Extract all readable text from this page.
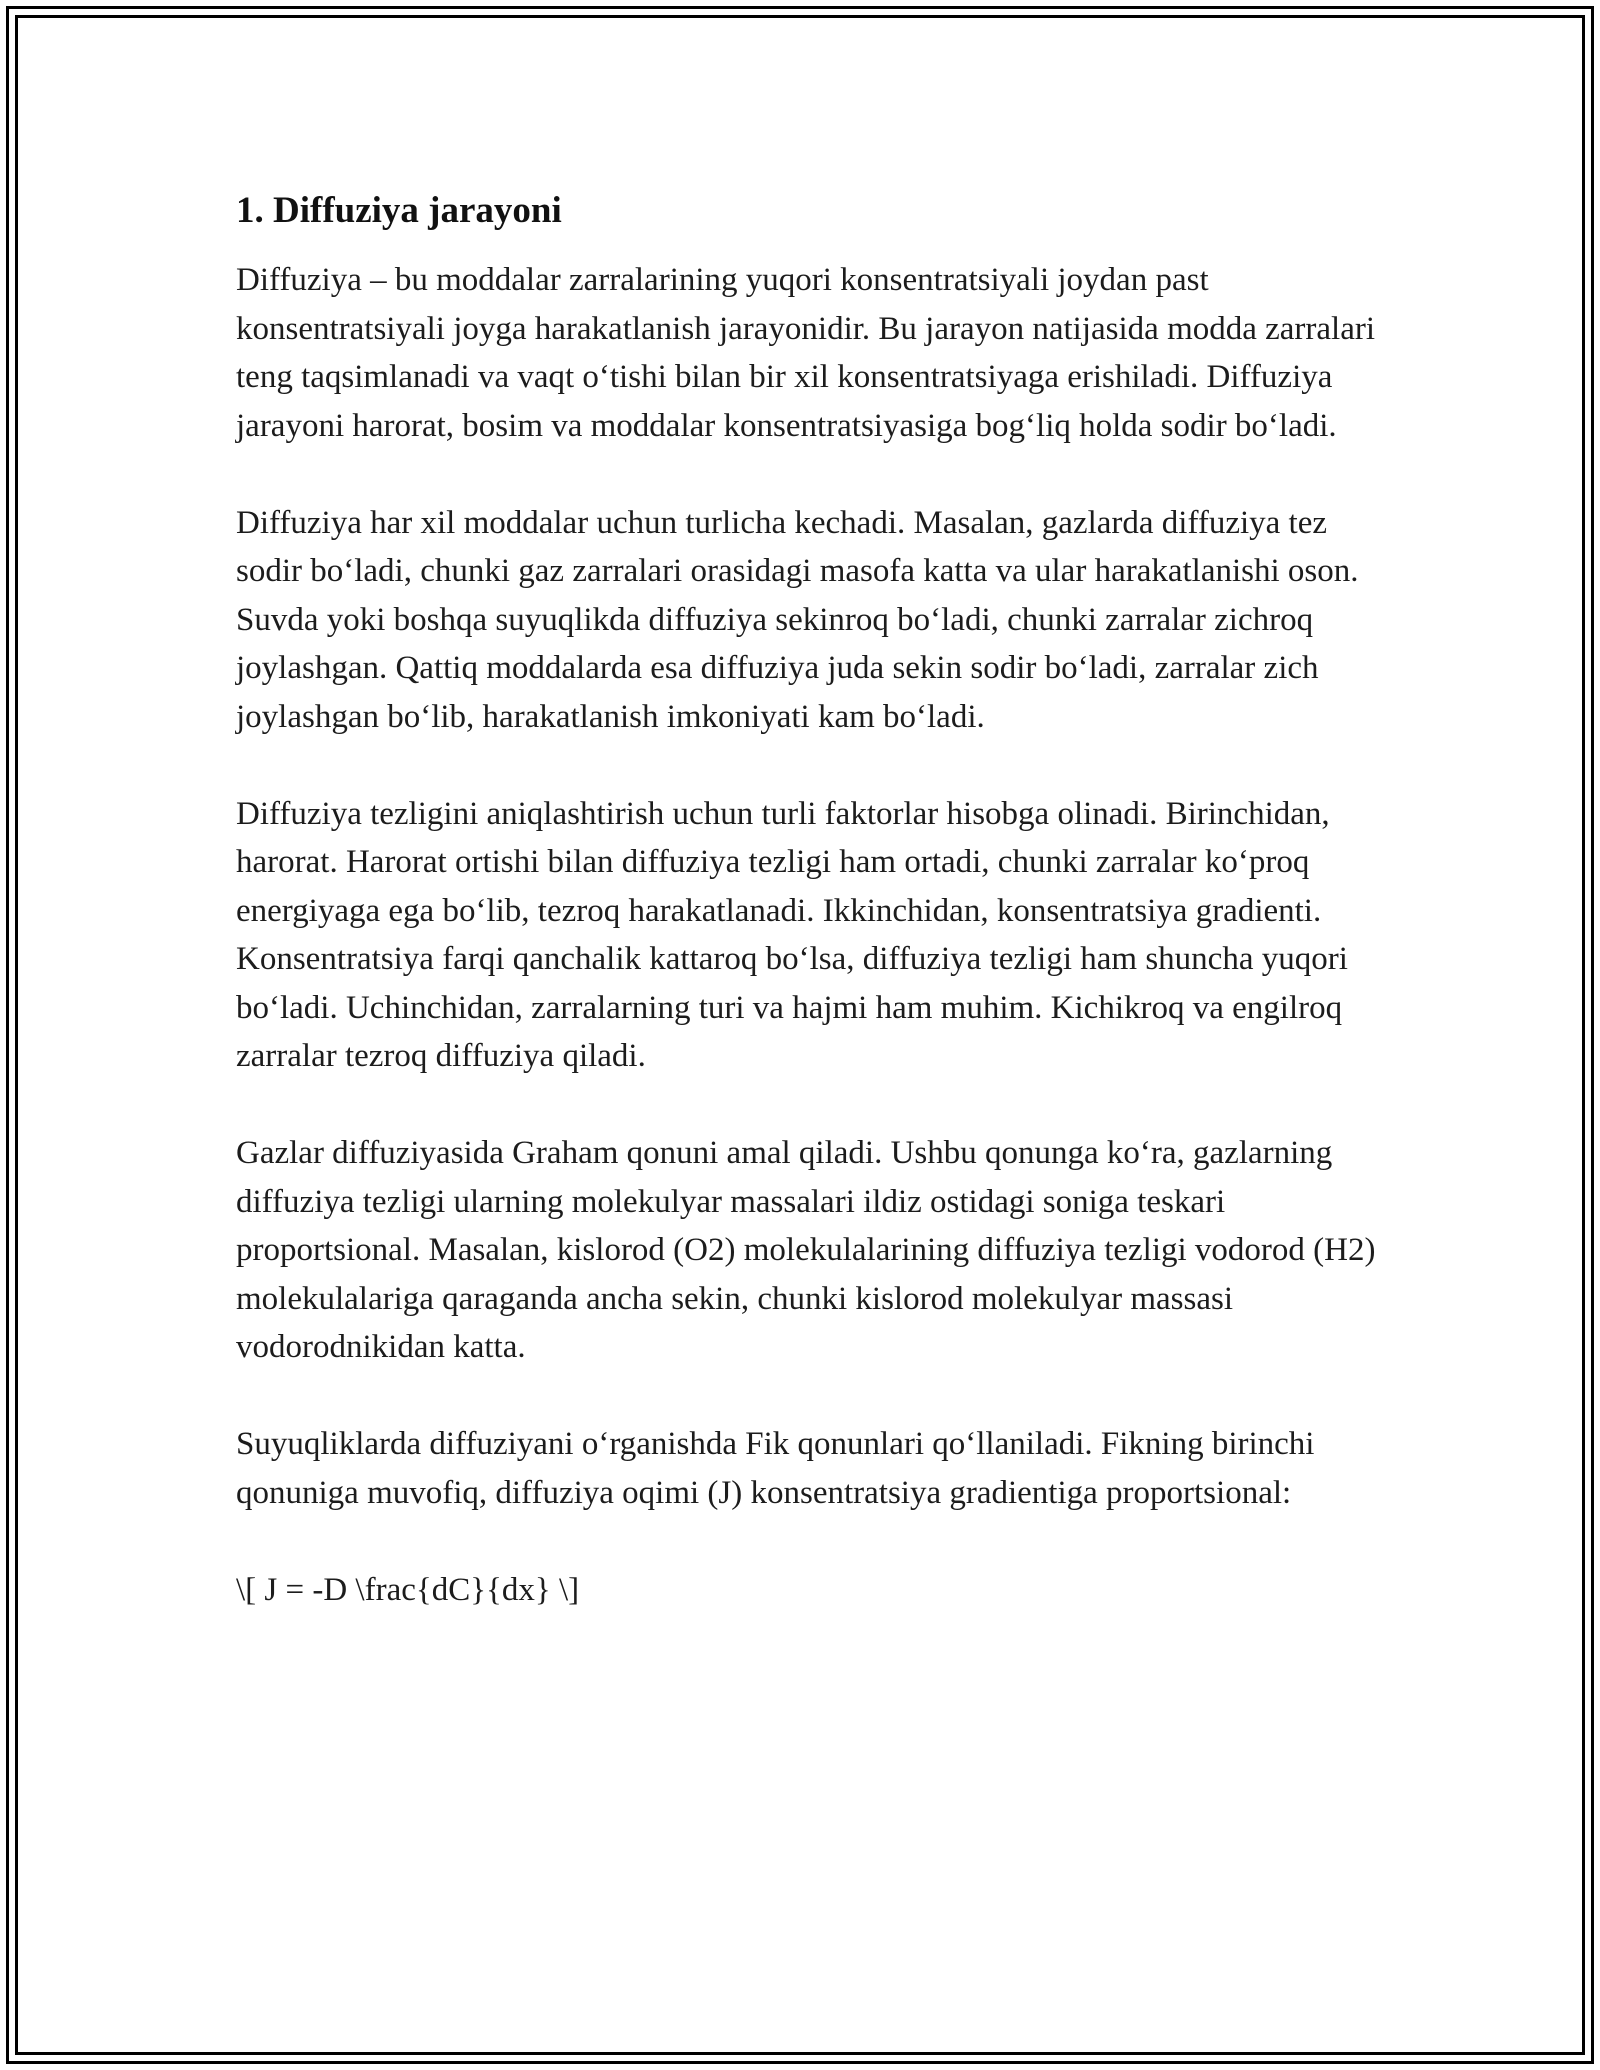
1. Diffuziya jarayoni

Diffuziya – bu moddalar zarralarining yuqori konsentratsiyali joydan past konsentratsiyali joyga harakatlanish jarayonidir. Bu jarayon natijasida modda zarralari teng taqsimlanadi va vaqt oʻtishi bilan bir xil konsentratsiyaga erishiladi. Diffuziya jarayoni harorat, bosim va moddalar konsentratsiyasiga bogʻliq holda sodir boʻladi.

Diffuziya har xil moddalar uchun turlicha kechadi. Masalan, gazlarda diffuziya tez sodir boʻladi, chunki gaz zarralari orasidagi masofa katta va ular harakatlanishi oson. Suvda yoki boshqa suyuqlikda diffuziya sekinroq boʻladi, chunki zarralar zichroq joylashgan. Qattiq moddalarda esa diffuziya juda sekin sodir boʻladi, zarralar zich joylashgan boʻlib, harakatlanish imkoniyati kam boʻladi.

Diffuziya tezligini aniqlashtirish uchun turli faktorlar hisobga olinadi. Birinchidan, harorat. Harorat ortishi bilan diffuziya tezligi ham ortadi, chunki zarralar koʻproq energiyaga ega boʻlib, tezroq harakatlanadi. Ikkinchidan, konsentratsiya gradienti. Konsentratsiya farqi qanchalik kattaroq boʻlsa, diffuziya tezligi ham shuncha yuqori boʻladi. Uchinchidan, zarralarning turi va hajmi ham muhim. Kichikroq va engilroq zarralar tezroq diffuziya qiladi.

Gazlar diffuziyasida Graham qonuni amal qiladi. Ushbu qonunga koʻra, gazlarning diffuziya tezligi ularning molekulyar massalari ildiz ostidagi soniga teskari proportsional. Masalan, kislorod (O2) molekulalarining diffuziya tezligi vodorod (H2) molekulalariga qaraganda ancha sekin, chunki kislorod molekulyar massasi vodorodnikidan katta.

Suyuqliklarda diffuziyani oʻrganishda Fik qonunlari qoʻllaniladi. Fikning birinchi qonuniga muvofiq, diffuziya oqimi (J) konsentratsiya gradientiga proportsional:

\[ J = -D \frac{dC}{dx} \]
